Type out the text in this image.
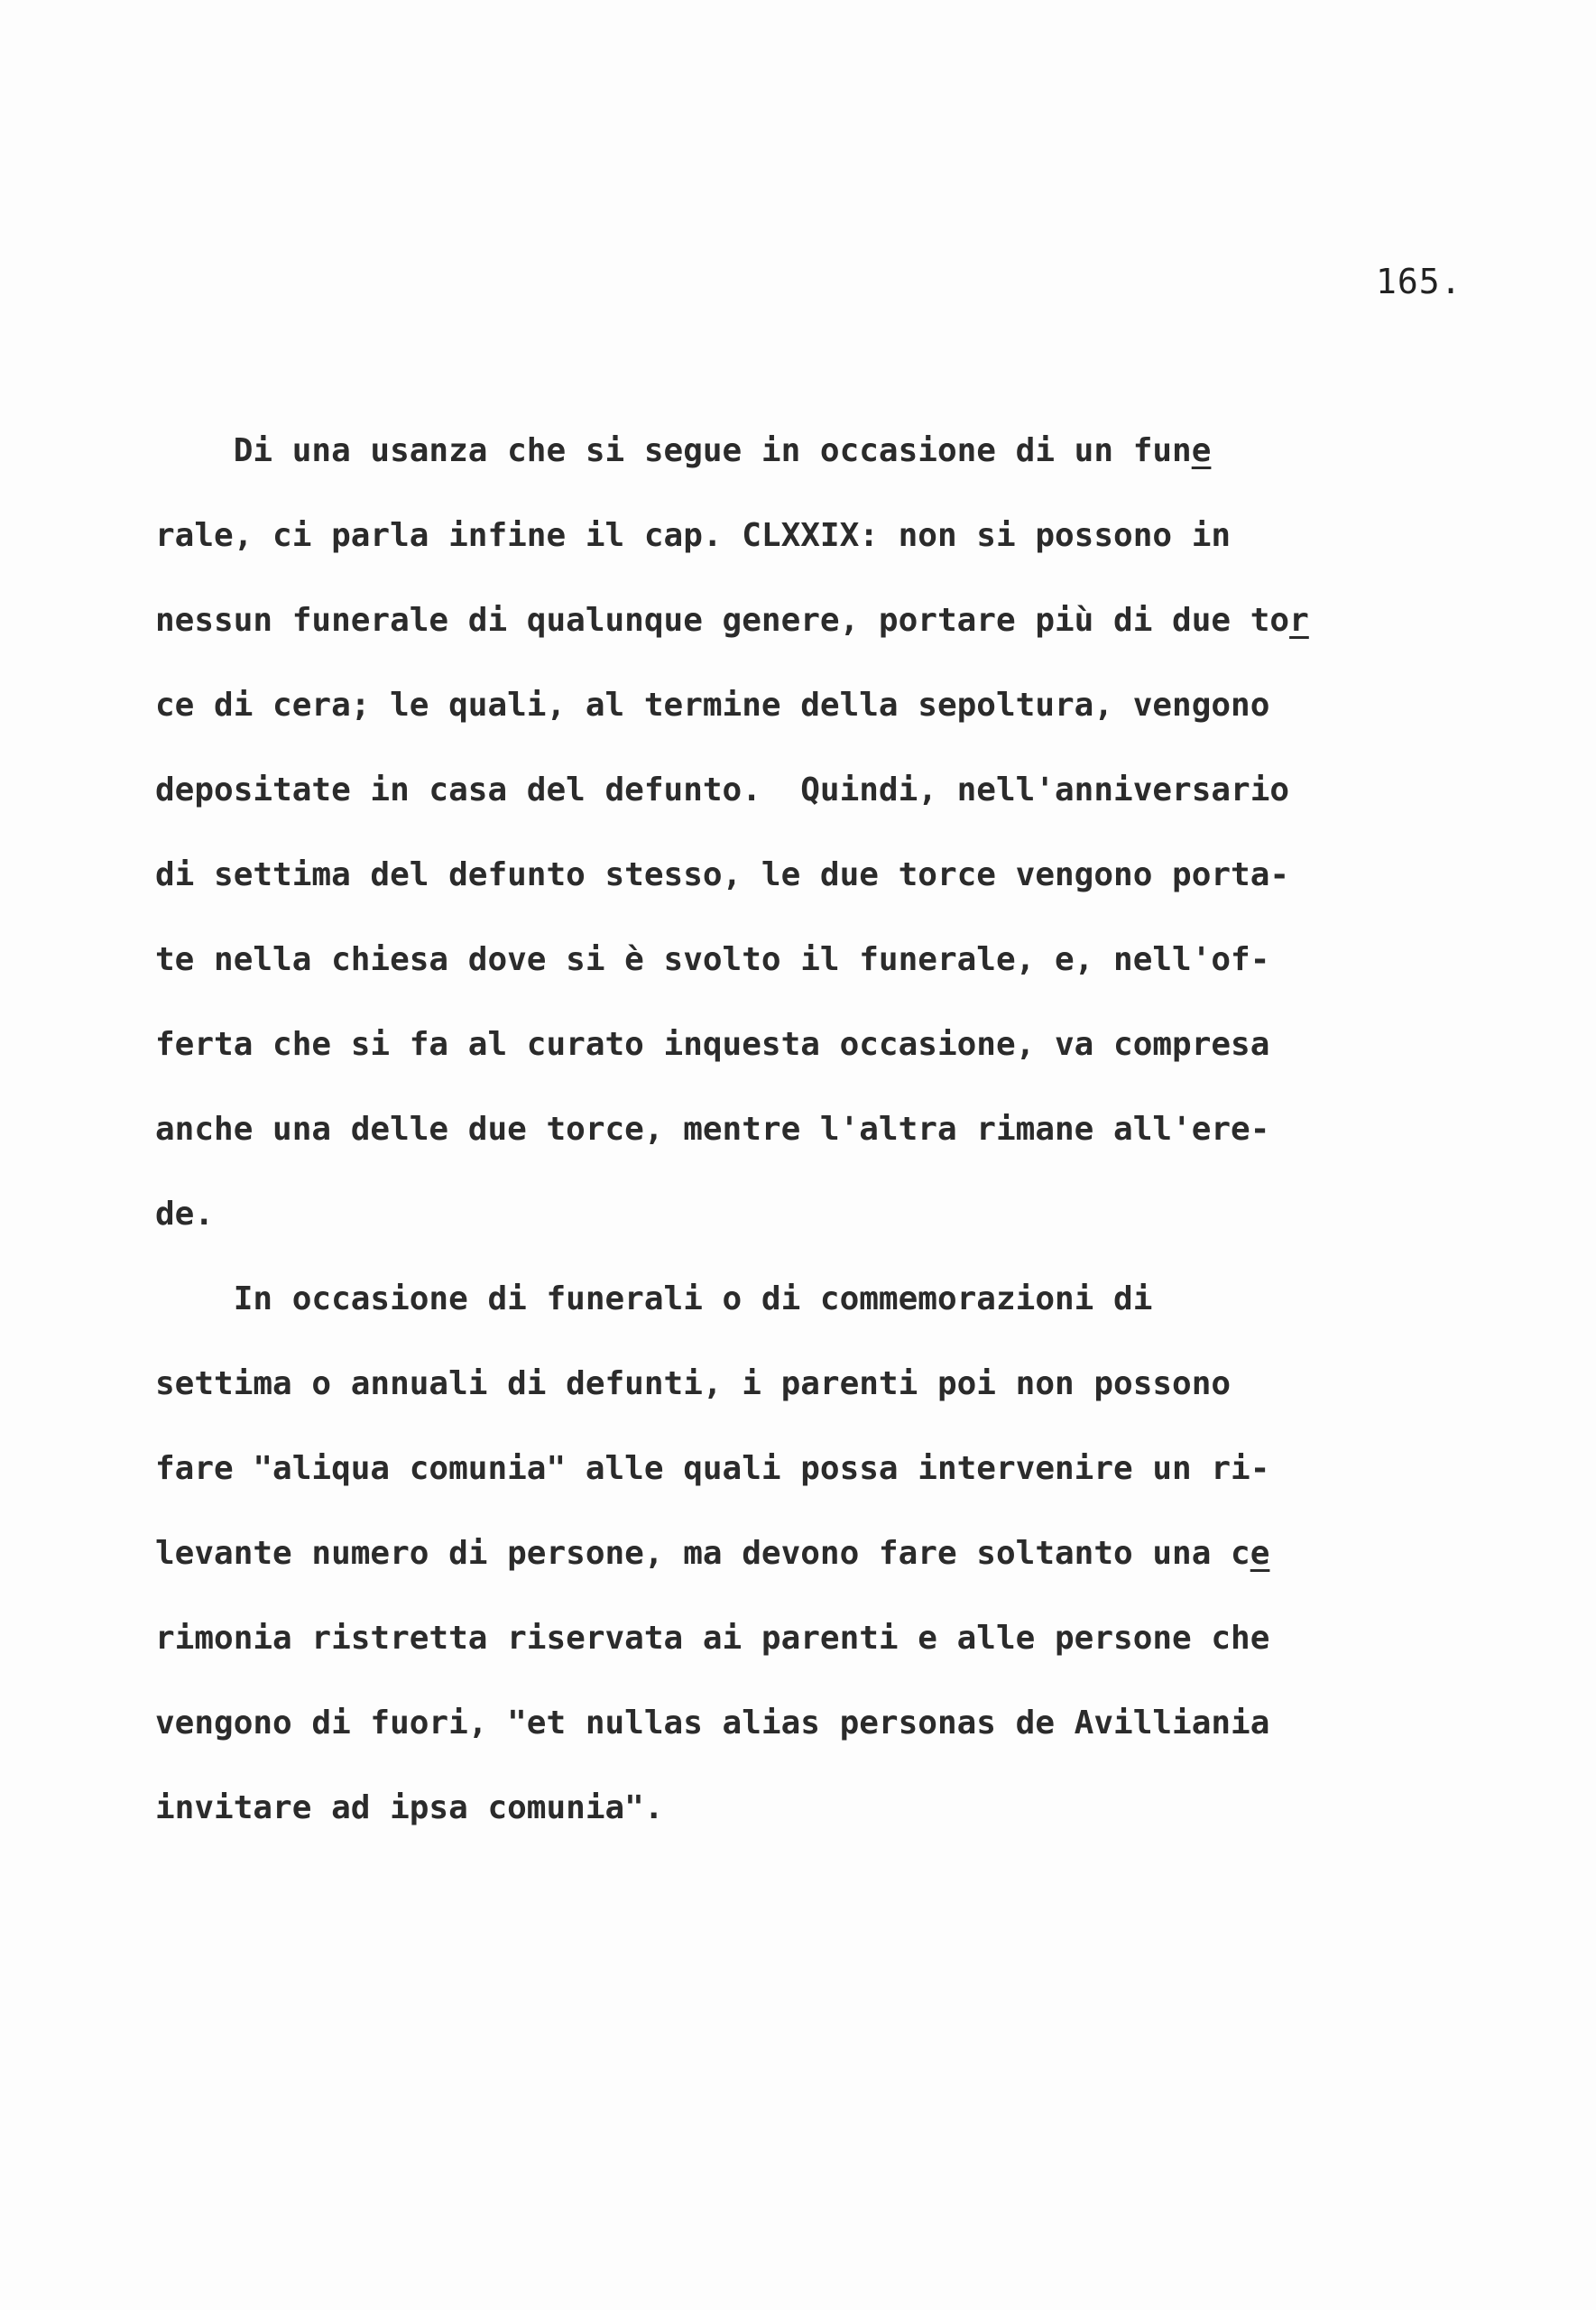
165.
Di una usanza che si segue in occasione di un fune
rale, ci parla infine il cap. CLXXIX: non si possono in
nessun funerale di qualunque genere, portare più di due tor
ce di cera; le quali, al termine della sepoltura, vengono
depositate in casa del defunto.  Quindi, nell'anniversario
di settima del defunto stesso, le due torce vengono porta-
te nella chiesa dove si è svolto il funerale, e, nell'of-
ferta che si fa al curato inquesta occasione, va compresa
anche una delle due torce, mentre l'altra rimane all'ere-
de.
In occasione di funerali o di commemorazioni di
settima o annuali di defunti, i parenti poi non possono
fare "aliqua comunia" alle quali possa intervenire un ri-
levante numero di persone, ma devono fare soltanto una ce
rimonia ristretta riservata ai parenti e alle persone che
vengono di fuori, "et nullas alias personas de Avilliania
invitare ad ipsa comunia".
